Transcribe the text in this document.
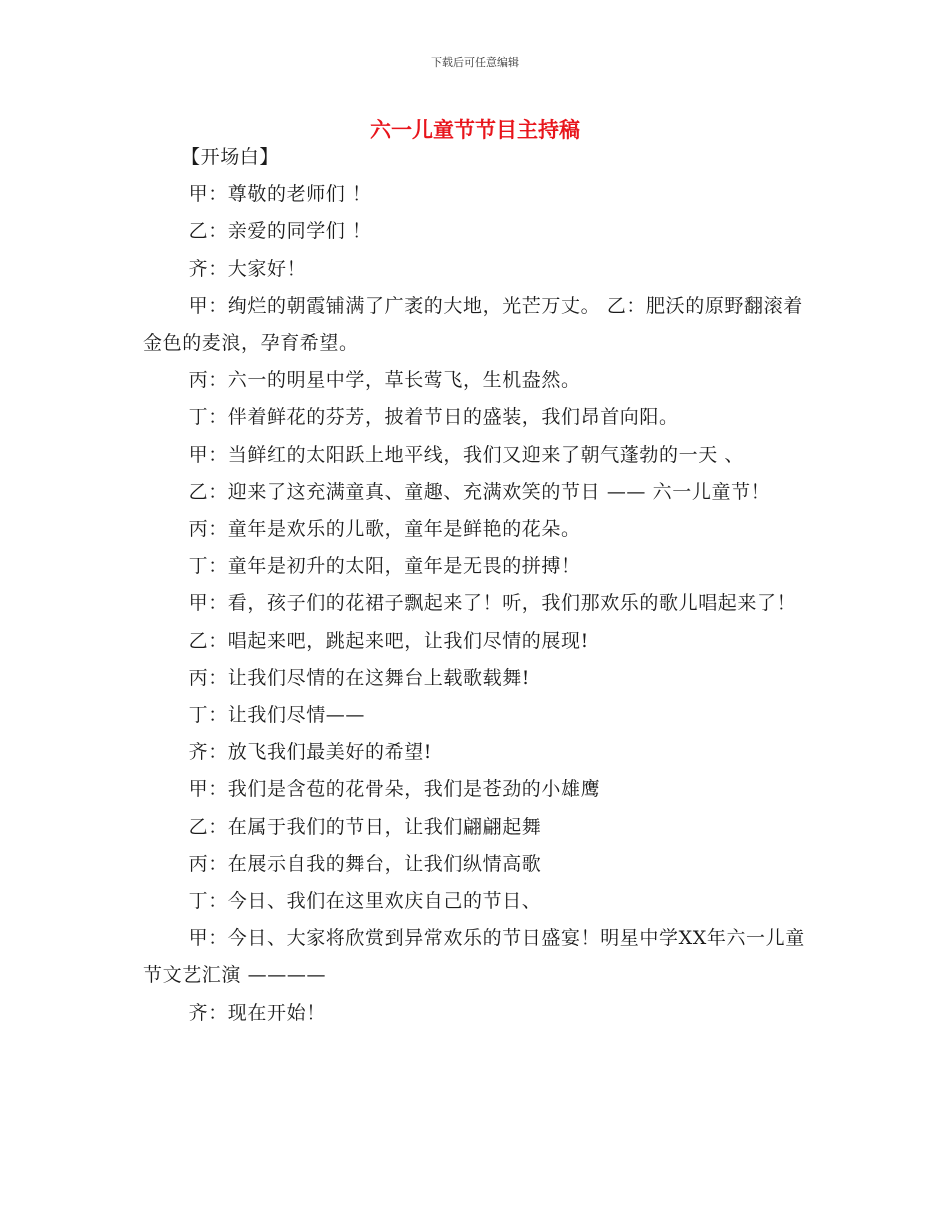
下载后可任意编辑
六一儿童节节目主持稿

【开场白】

甲：尊敬的老师们 ！

乙：亲爱的同学们 ！

齐：大家好！

甲：绚烂的朝霞铺满了广袤的大地，光芒万丈。 乙：肥沃的原野翻滚着金色的麦浪，孕育希望。

丙：六一的明星中学，草长莺飞，生机盎然。

丁：伴着鲜花的芬芳，披着节日的盛装，我们昂首向阳。

甲：当鲜红的太阳跃上地平线，我们又迎来了朝气蓬勃的一天 、

乙：迎来了这充满童真、童趣、充满欢笑的节日 —— 六一儿童节！

丙：童年是欢乐的儿歌，童年是鲜艳的花朵。

丁：童年是初升的太阳，童年是无畏的拼搏！

甲：看，孩子们的花裙子飘起来了！听，我们那欢乐的歌儿唱起来了！

乙：唱起来吧，跳起来吧，让我们尽情的展现!

丙：让我们尽情的在这舞台上载歌载舞!

丁：让我们尽情——

齐：放飞我们最美好的希望!

甲：我们是含苞的花骨朵，我们是苍劲的小雄鹰

乙：在属于我们的节日，让我们翩翩起舞

丙：在展示自我的舞台，让我们纵情高歌

丁：今日、我们在这里欢庆自己的节日、

甲：今日、大家将欣赏到异常欢乐的节日盛宴！明星中学XX年六一儿童节文艺汇演 ————

齐：现在开始！
